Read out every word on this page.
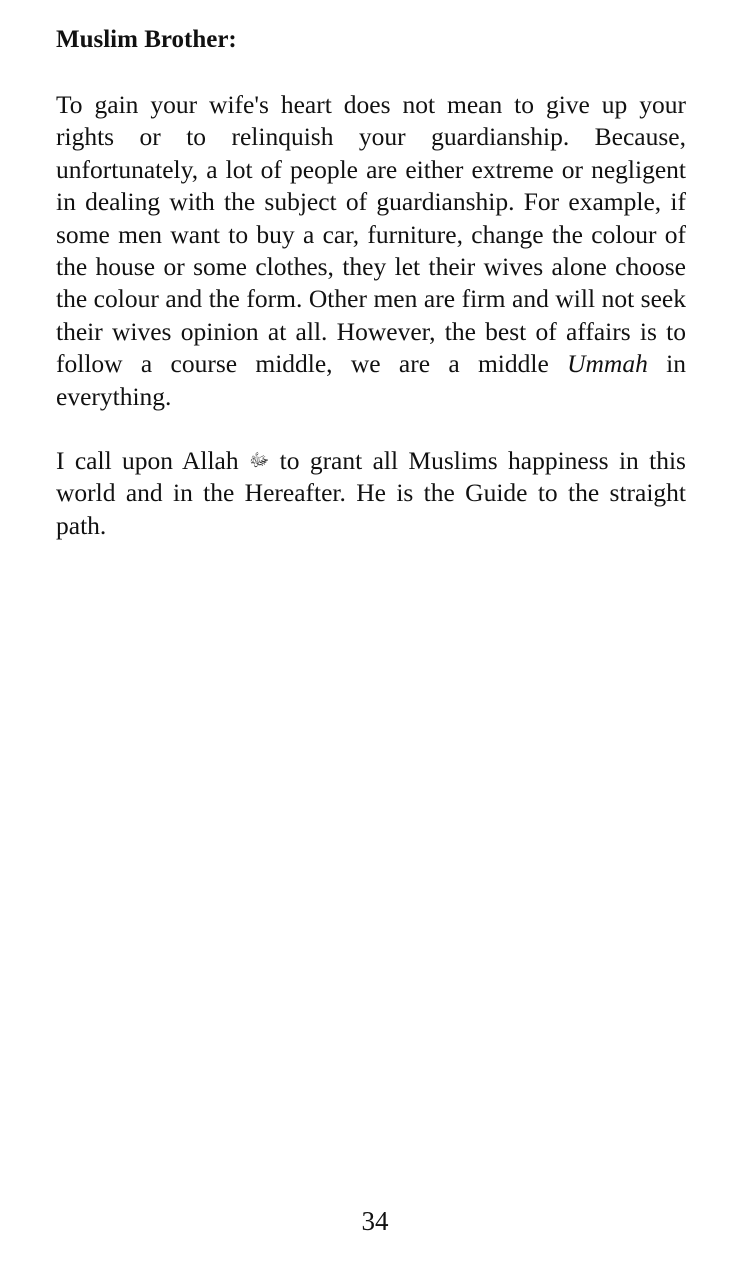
Muslim Brother:

To gain your wife's heart does not mean to give up your rights or to relinquish your guardianship. Because, unfortunately, a lot of people are either extreme or negligent in dealing with the subject of guardianship. For example, if some men want to buy a car, furniture, change the colour of the house or some clothes, they let their wives alone choose the colour and the form. Other men are firm and will not seek their wives opinion at all. However, the best of affairs is to follow a course middle, we are a middle Ummah in everything.

I call upon Allah ﷻ to grant all Muslims happiness in this world and in the Hereafter. He is the Guide to the straight path.

34
